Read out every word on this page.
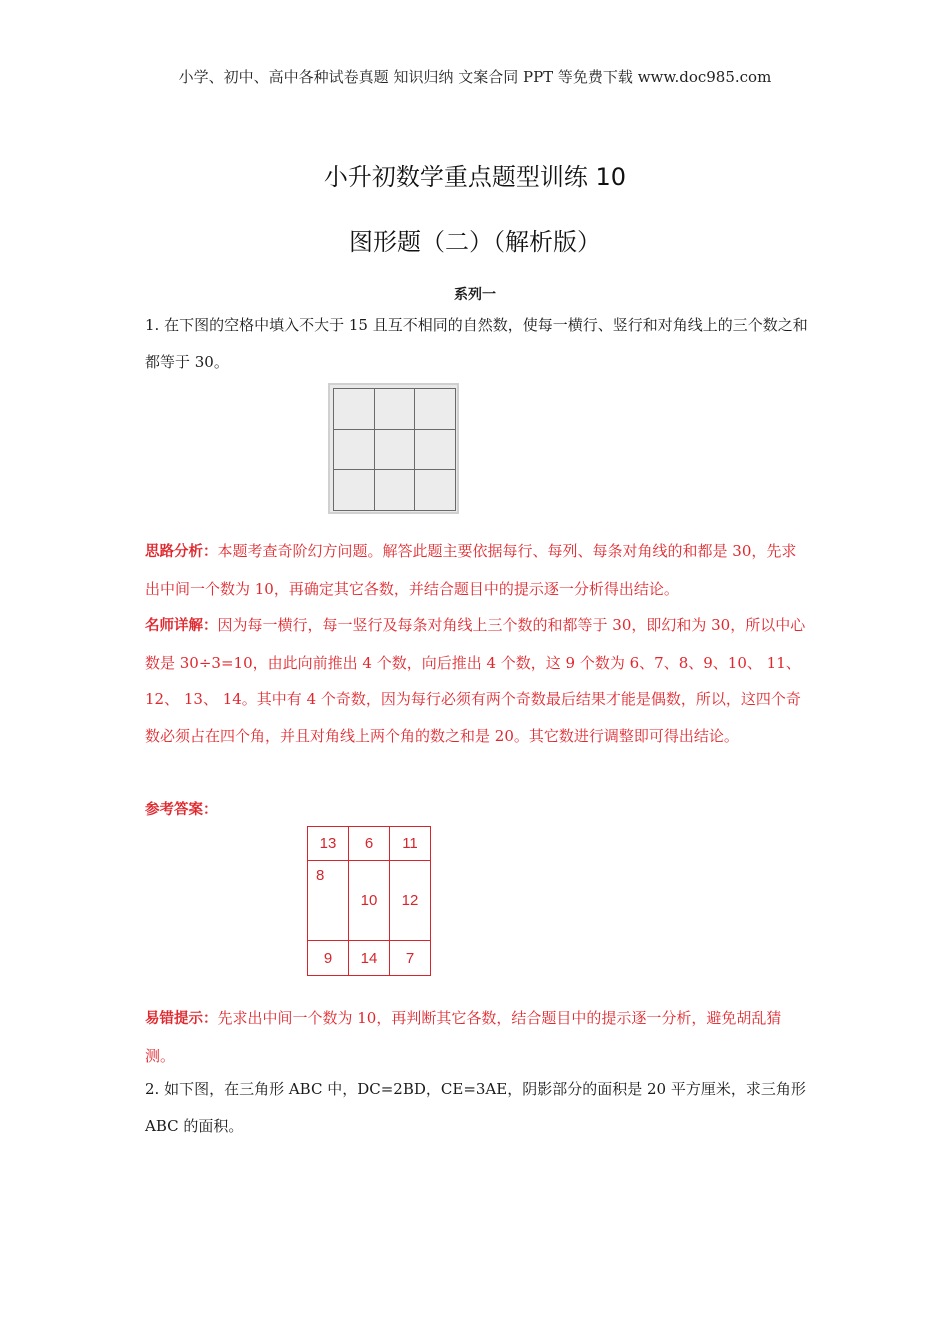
小学、初中、高中各种试卷真题 知识归纳 文案合同 PPT 等免费下载 www.doc985.com
小升初数学重点题型训练 10
图形题（二）（解析版）
系列一
1. 在下图的空格中填入不大于 15 且互不相同的自然数，使每一横行、竖行和对角线上的三个数之和都等于 30。

思路分析：本题考查奇阶幻方问题。解答此题主要依据每行、每列、每条对角线的和都是 30，先求出中间一个数为 10，再确定其它各数，并结合题目中的提示逐一分析得出结论。
名师详解：因为每一横行，每一竖行及每条对角线上三个数的和都等于 30，即幻和为 30，所以中心数是 30÷3=10，由此向前推出 4 个数，向后推出 4 个数，这 9 个数为 6、7、8、9、10、 11、 12、 13、 14。其中有 4 个奇数，因为每行必须有两个奇数最后结果才能是偶数，所以，这四个奇数必须占在四个角，并且对角线上两个角的数之和是 20。其它数进行调整即可得出结论。
参考答案：
13	6	11
8	10	12
9	14	7
易错提示：先求出中间一个数为 10，再判断其它各数，结合题目中的提示逐一分析，避免胡乱猜测。
2. 如下图，在三角形 ABC 中，DC=2BD，CE=3AE，阴影部分的面积是 20 平方厘米，求三角形 ABC 的面积。
